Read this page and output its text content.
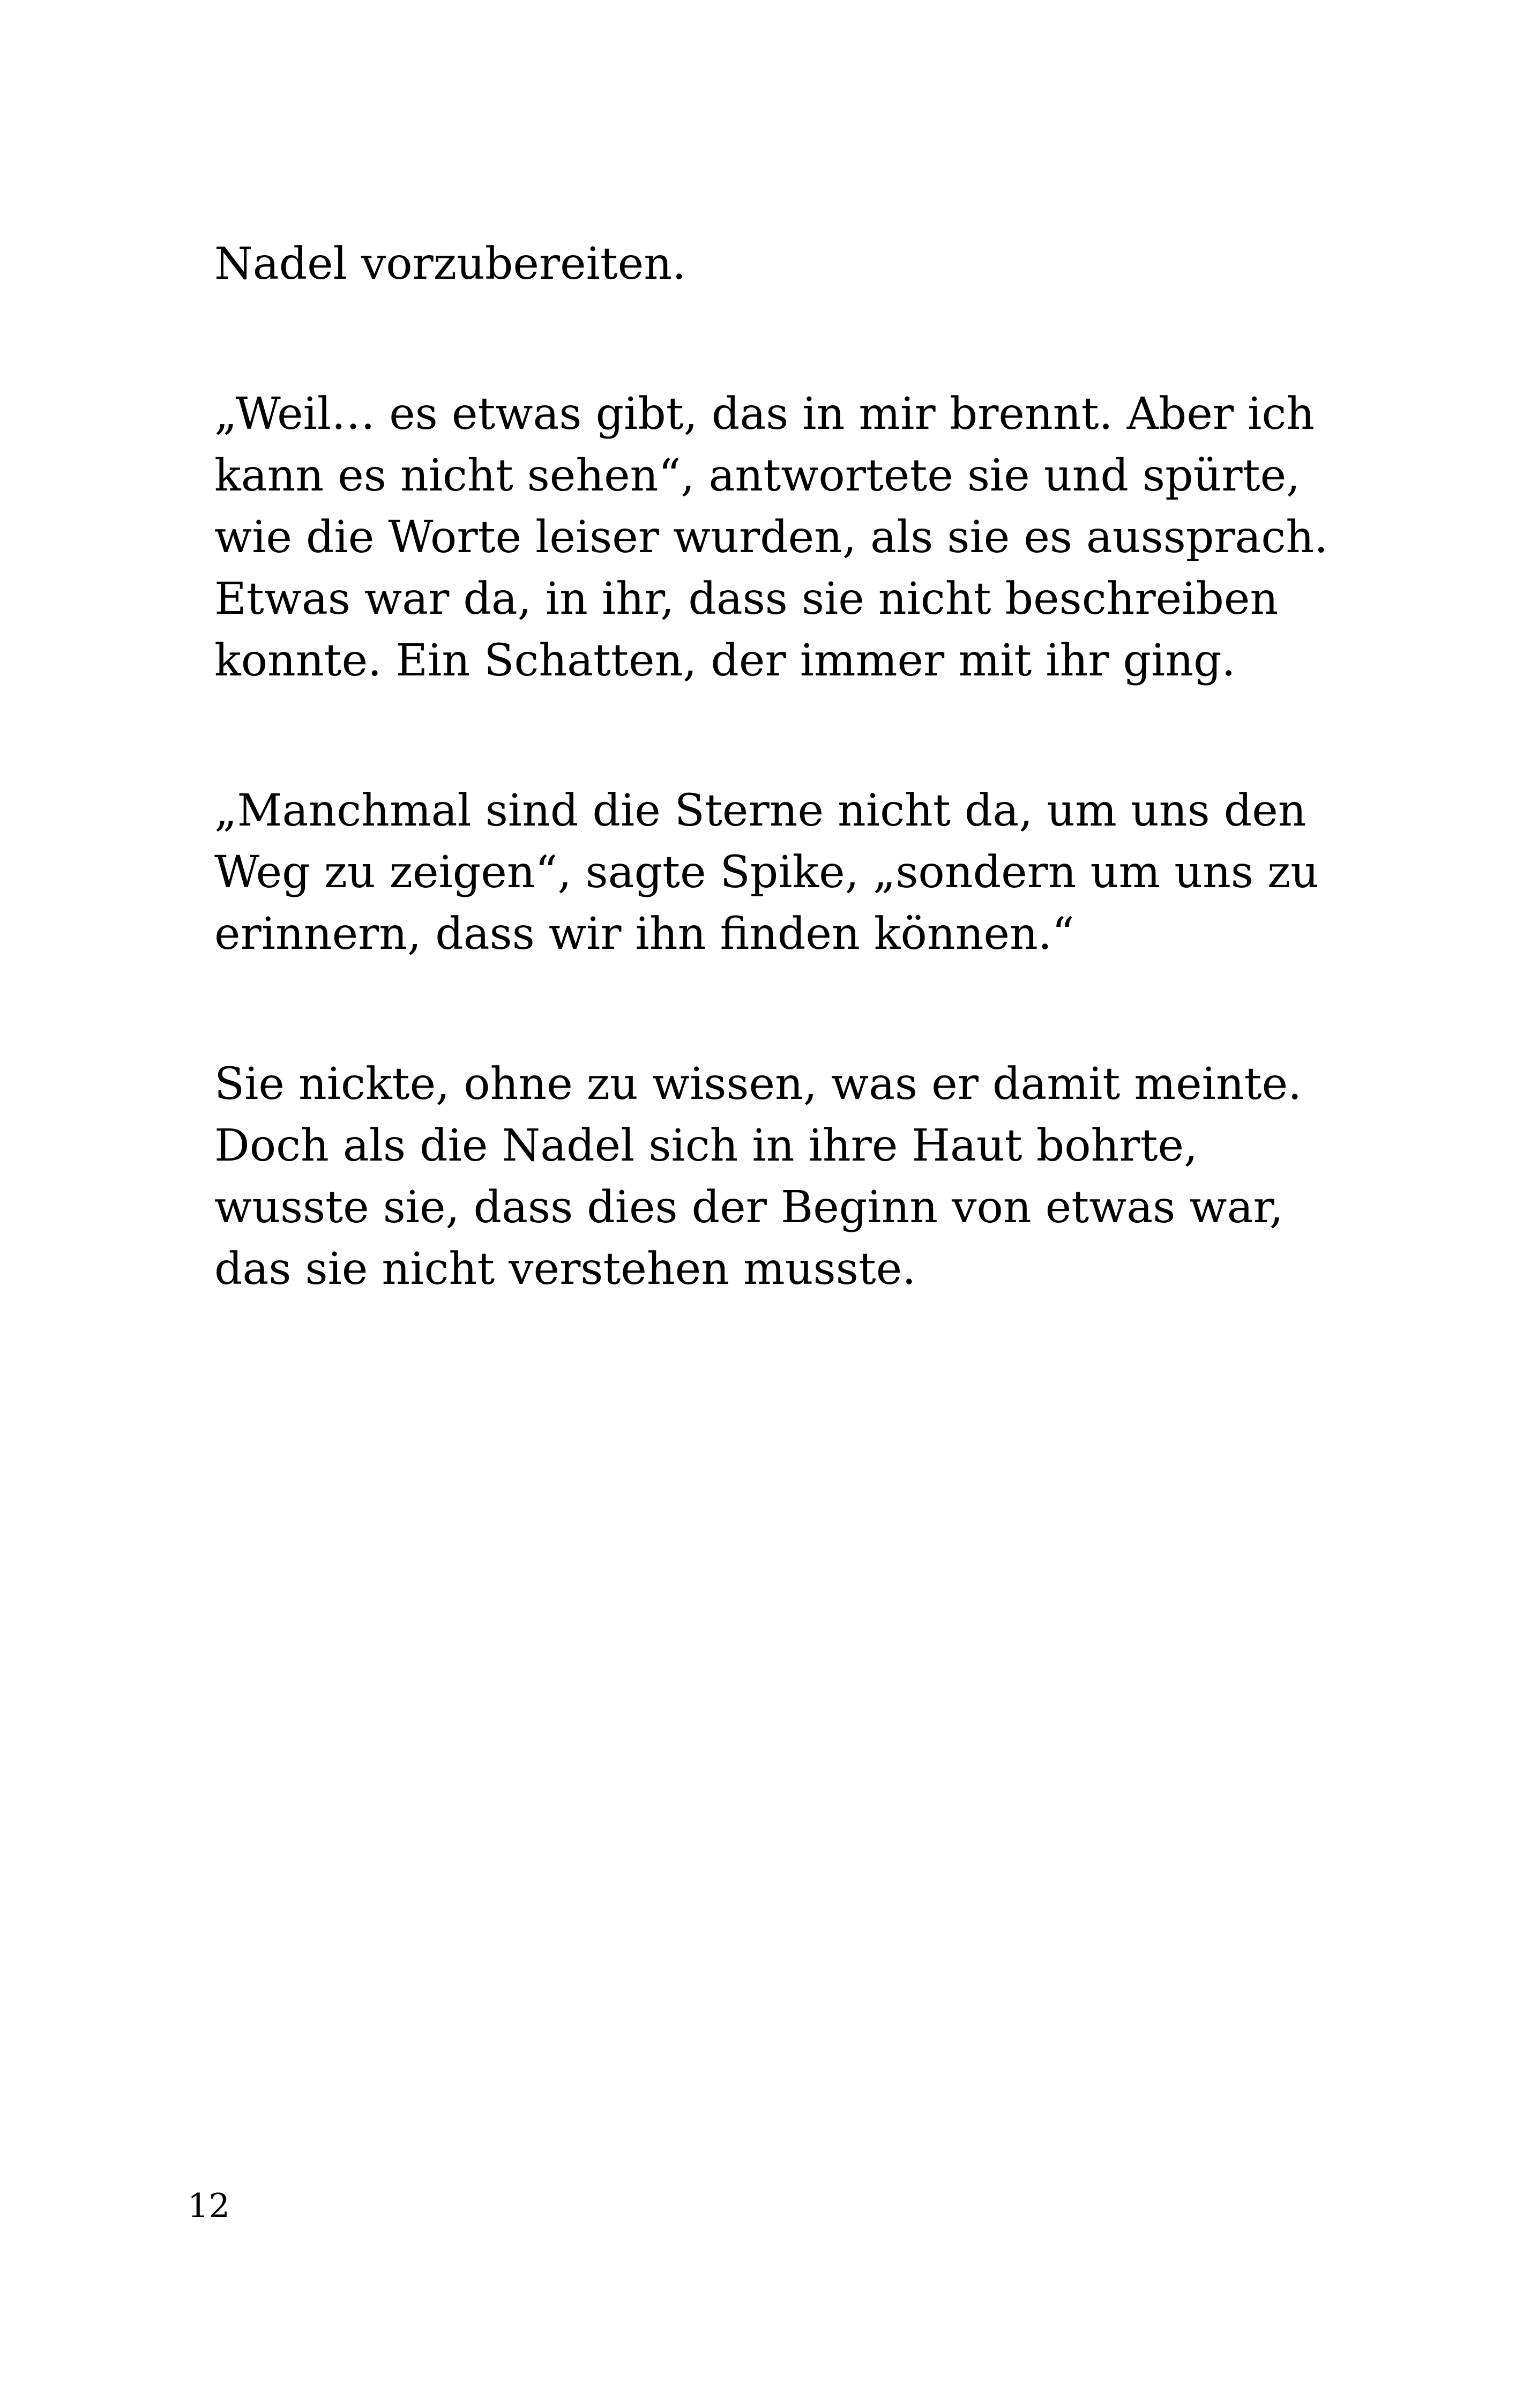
Nadel vorzubereiten.

„Weil… es etwas gibt, das in mir brennt. Aber ich
kann es nicht sehen“, antwortete sie und spürte,
wie die Worte leiser wurden, als sie es aussprach.
Etwas war da, in ihr, dass sie nicht beschreiben
konnte. Ein Schatten, der immer mit ihr ging.

„Manchmal sind die Sterne nicht da, um uns den
Weg zu zeigen“, sagte Spike, „sondern um uns zu
erinnern, dass wir ihn finden können.“

Sie nickte, ohne zu wissen, was er damit meinte.
Doch als die Nadel sich in ihre Haut bohrte,
wusste sie, dass dies der Beginn von etwas war,
das sie nicht verstehen musste.

12
